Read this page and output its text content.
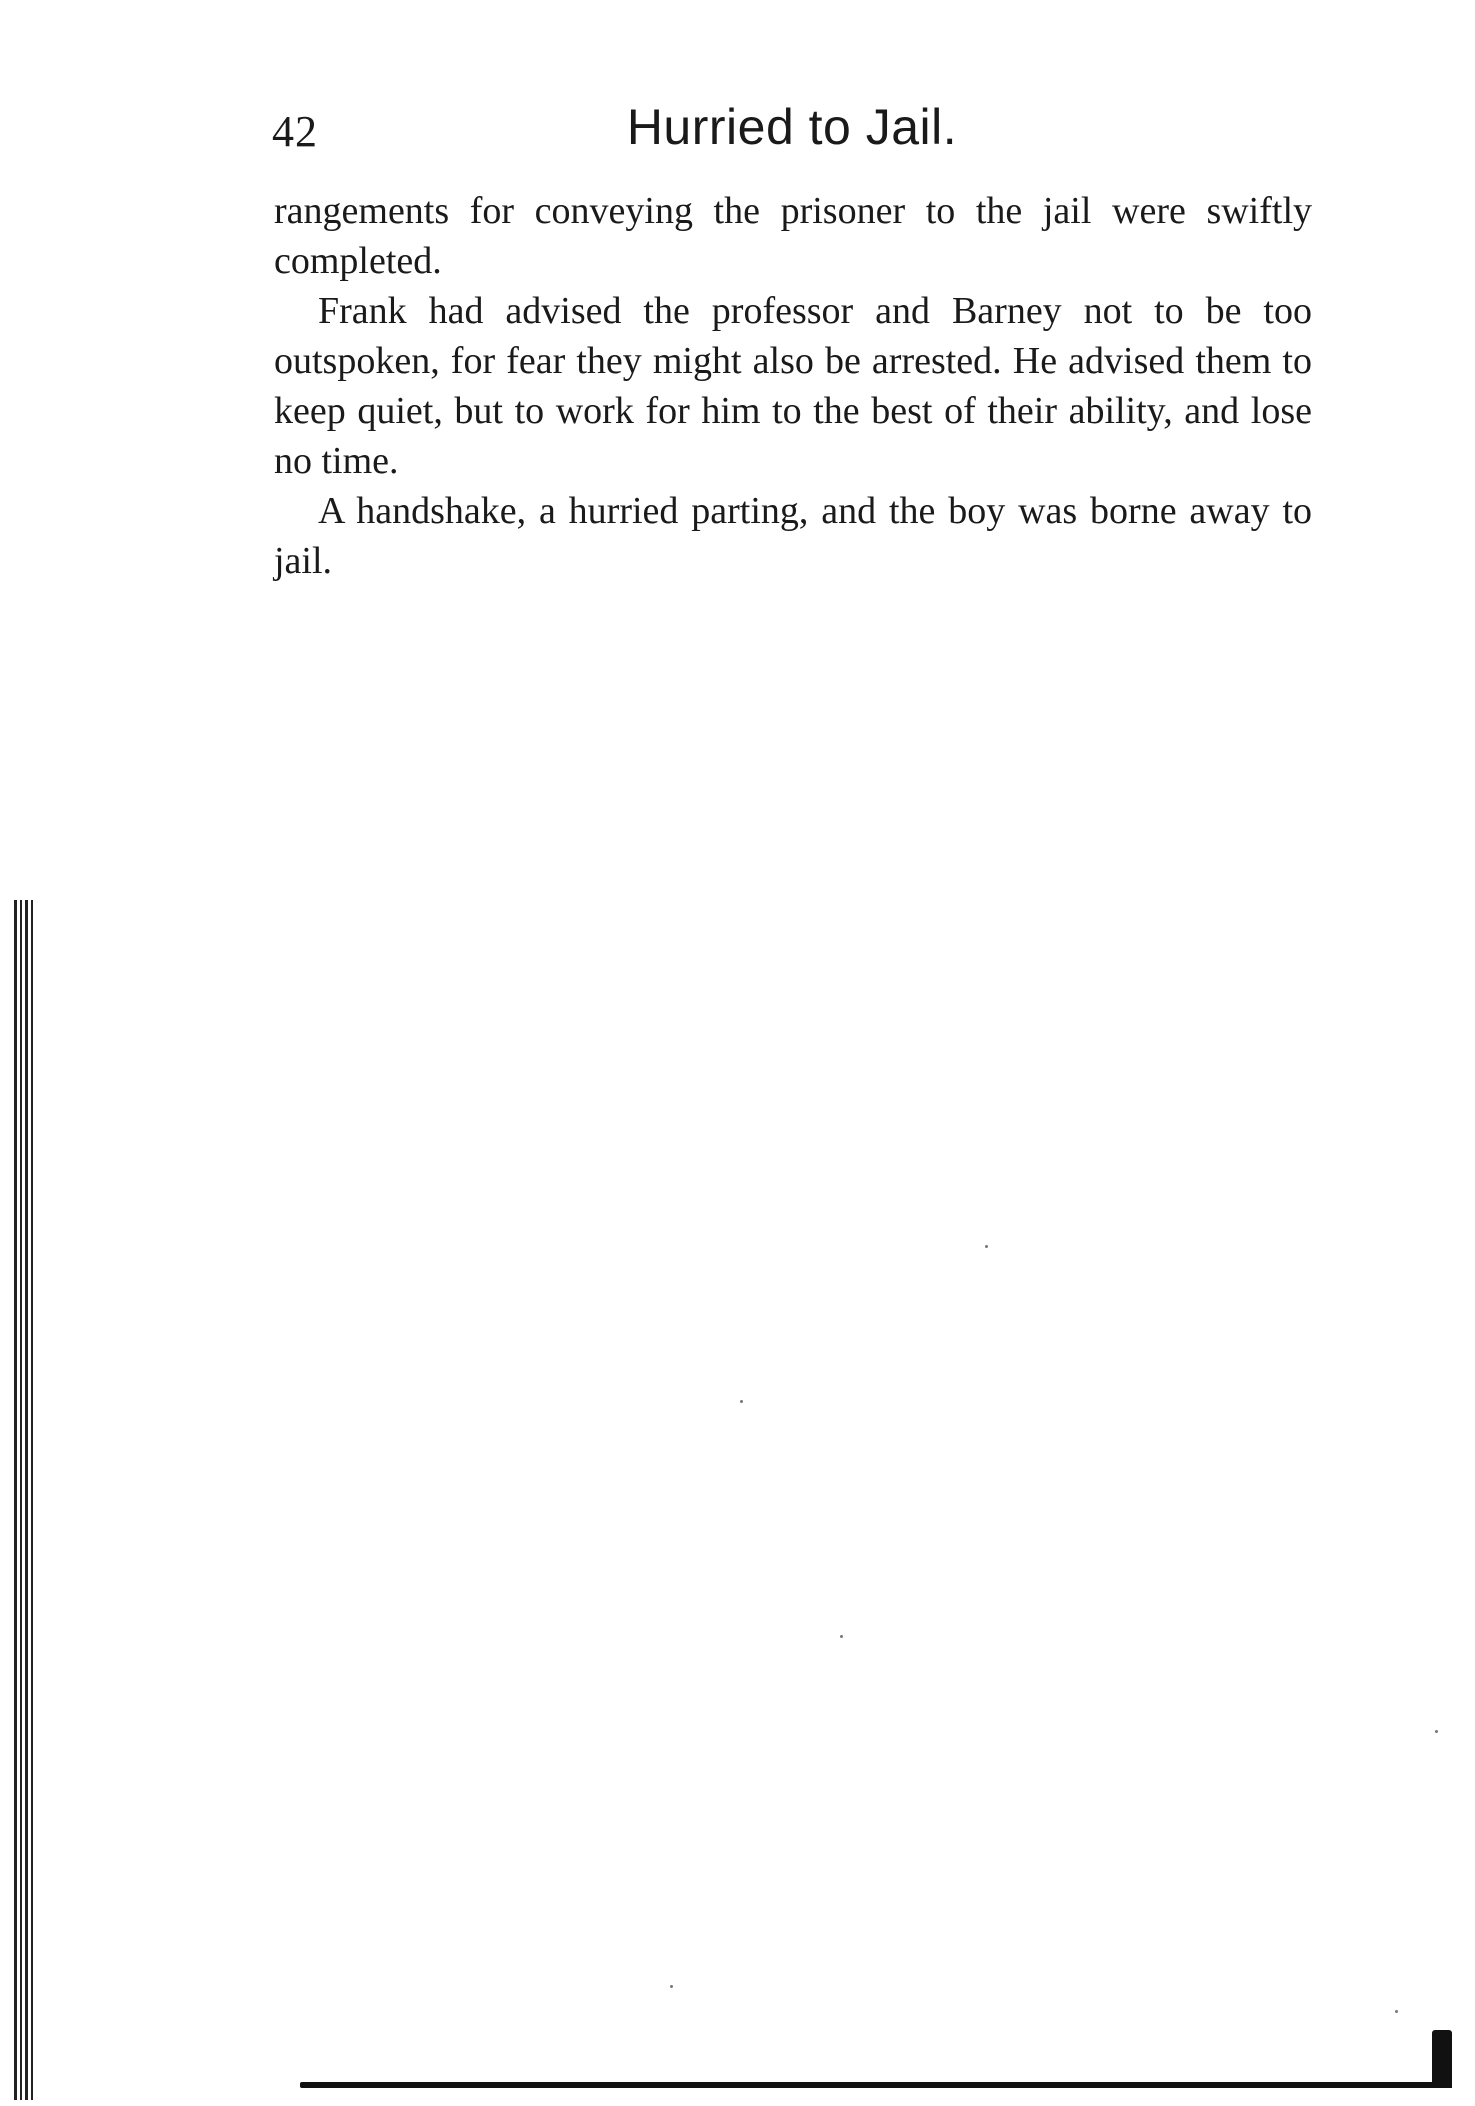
42	Hurried to Jail.

rangements for conveying the prisoner to the jail were swiftly completed.

Frank had advised the professor and Barney not to be too outspoken, for fear they might also be arrested. He advised them to keep quiet, but to work for him to the best of their ability, and lose no time.

A handshake, a hurried parting, and the boy was borne away to jail.
